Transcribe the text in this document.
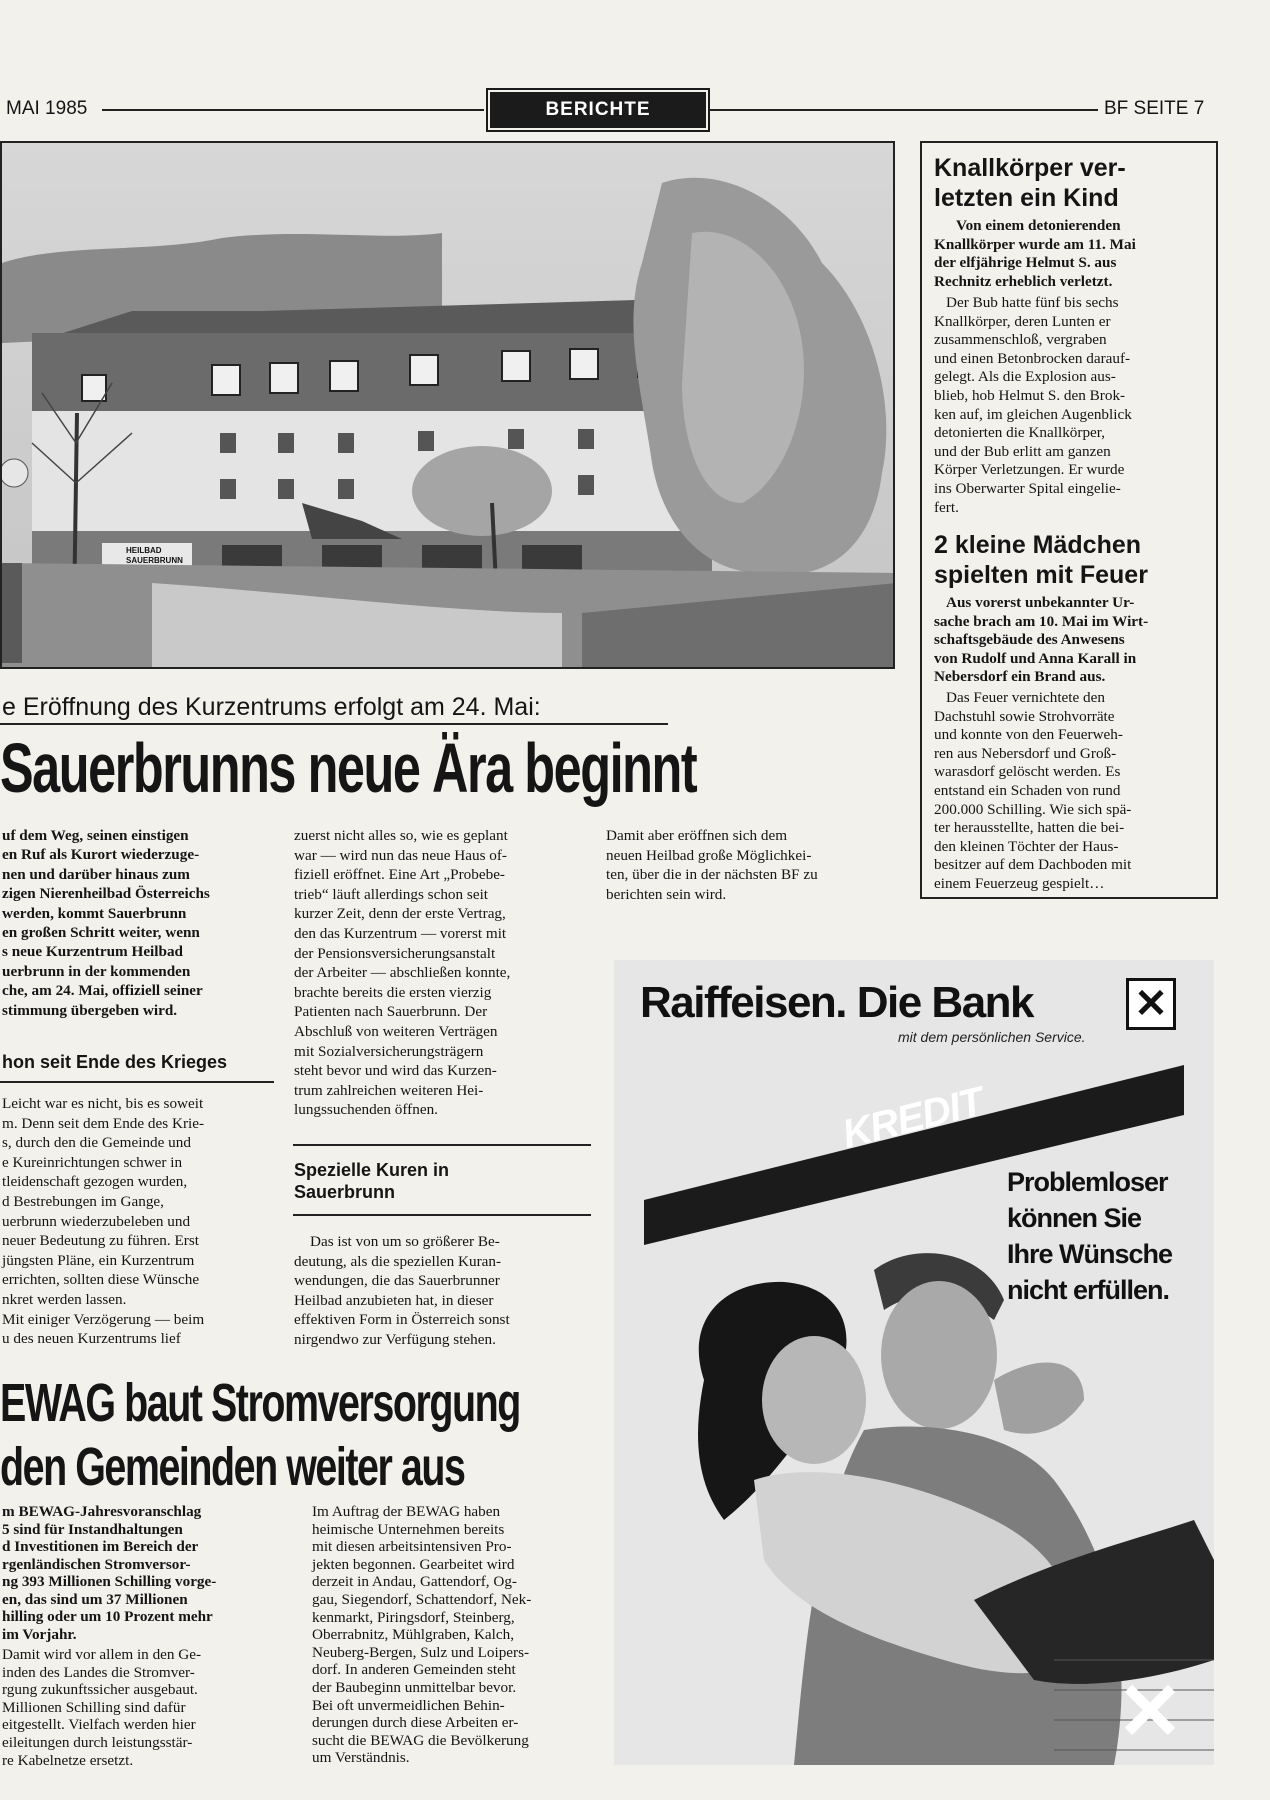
MAI 1985	BERICHTE	BF SEITE 7
HEILBAD
SAUERBRUNN
e Eröffnung des Kurzentrums erfolgt am 24. Mai:
Sauerbrunns neue Ära beginnt

uf dem Weg, seinen einstigen

en Ruf als Kurort wiederzuge-

nen und darüber hinaus zum

zigen Nierenheilbad Österreichs

werden, kommt Sauerbrunn

en großen Schritt weiter, wenn

s neue Kurzentrum Heilbad

uerbrunn in der kommenden

che, am 24. Mai, offiziell seiner

stimmung übergeben wird.

hon seit Ende des Krieges

Leicht war es nicht, bis es soweit

m. Denn seit dem Ende des Krie-

s, durch den die Gemeinde und

e Kureinrichtungen schwer in

tleidenschaft gezogen wurden,

d Bestrebungen im Gange,

uerbrunn wiederzubeleben und

neuer Bedeutung zu führen. Erst

jüngsten Pläne, ein Kurzentrum

errichten, sollten diese Wünsche

nkret werden lassen.

Mit einiger Verzögerung — beim

u des neuen Kurzentrums lief

zuerst nicht alles so, wie es geplant

war — wird nun das neue Haus of-

fiziell eröffnet. Eine Art „Probebe-

trieb“ läuft allerdings schon seit

kurzer Zeit, denn der erste Vertrag,

den das Kurzentrum — vorerst mit

der Pensionsversicherungsanstalt

der Arbeiter — abschließen konnte,

brachte bereits die ersten vierzig

Patienten nach Sauerbrunn. Der

Abschluß von weiteren Verträgen

mit Sozialversicherungsträgern

steht bevor und wird das Kurzen-

trum zahlreichen weiteren Hei-

lungssuchenden öffnen.

Spezielle Kuren in
Sauerbrunn

Das ist von um so größerer Be-

deutung, als die speziellen Kuran-

wendungen, die das Sauerbrunner

Heilbad anzubieten hat, in dieser

effektiven Form in Österreich sonst

nirgendwo zur Verfügung stehen.

Damit aber eröffnen sich dem

neuen Heilbad große Möglichkei-

ten, über die in der nächsten BF zu

berichten sein wird.

EWAG baut Stromversorgung
den Gemeinden weiter aus

m BEWAG-Jahresvoranschlag

5 sind für Instandhaltungen

d Investitionen im Bereich der

rgenländischen Stromversor-

ng 393 Millionen Schilling vorge-

en, das sind um 37 Millionen

hilling oder um 10 Prozent mehr

im Vorjahr.

Damit wird vor allem in den Ge-

inden des Landes die Stromver-

rgung zukunftssicher ausgebaut.

Millionen Schilling sind dafür

eitgestellt. Vielfach werden hier

eileitungen durch leistungsstär-

re Kabelnetze ersetzt.

Im Auftrag der BEWAG haben

heimische Unternehmen bereits

mit diesen arbeitsintensiven Pro-

jekten begonnen. Gearbeitet wird

derzeit in Andau, Gattendorf, Og-

gau, Siegendorf, Schattendorf, Nek-

kenmarkt, Piringsdorf, Steinberg,

Oberrabnitz, Mühlgraben, Kalch,

Neuberg-Bergen, Sulz und Loipers-

dorf. In anderen Gemeinden steht

der Baubeginn unmittelbar bevor.

Bei oft unvermeidlichen Behin-

derungen durch diese Arbeiten er-

sucht die BEWAG die Bevölkerung

um Verständnis.

Knallkörper ver-
letzten ein Kind
Von einem detonierenden
Knallkörper wurde am 11. Mai
der elfjährige Helmut S. aus
Rechnitz erheblich verletzt.
Der Bub hatte fünf bis sechs
Knallkörper, deren Lunten er
zusammenschloß, vergraben
und einen Betonbrocken darauf-
gelegt. Als die Explosion aus-
blieb, hob Helmut S. den Brok-
ken auf, im gleichen Augenblick
detonierten die Knallkörper,
und der Bub erlitt am ganzen
Körper Verletzungen. Er wurde
ins Oberwarter Spital eingelie-
fert.
2 kleine Mädchen
spielten mit Feuer
Aus vorerst unbekannter Ur-
sache brach am 10. Mai im Wirt-
schaftsgebäude des Anwesens
von Rudolf und Anna Karall in
Nebersdorf ein Brand aus.
Das Feuer vernichtete den
Dachstuhl sowie Strohvorräte
und konnte von den Feuerweh-
ren aus Nebersdorf und Groß-
warasdorf gelöscht werden. Es
entstand ein Schaden von rund
200.000 Schilling. Wie sich spä-
ter herausstellte, hatten die bei-
den kleinen Töchter der Haus-
besitzer auf dem Dachboden mit
einem Feuerzeug gespielt…
Raiffeisen. Die Bank	✕
mit dem persönlichen Service.
KREDIT
Problemloser
können Sie
Ihre Wünsche
nicht erfüllen.
✕
